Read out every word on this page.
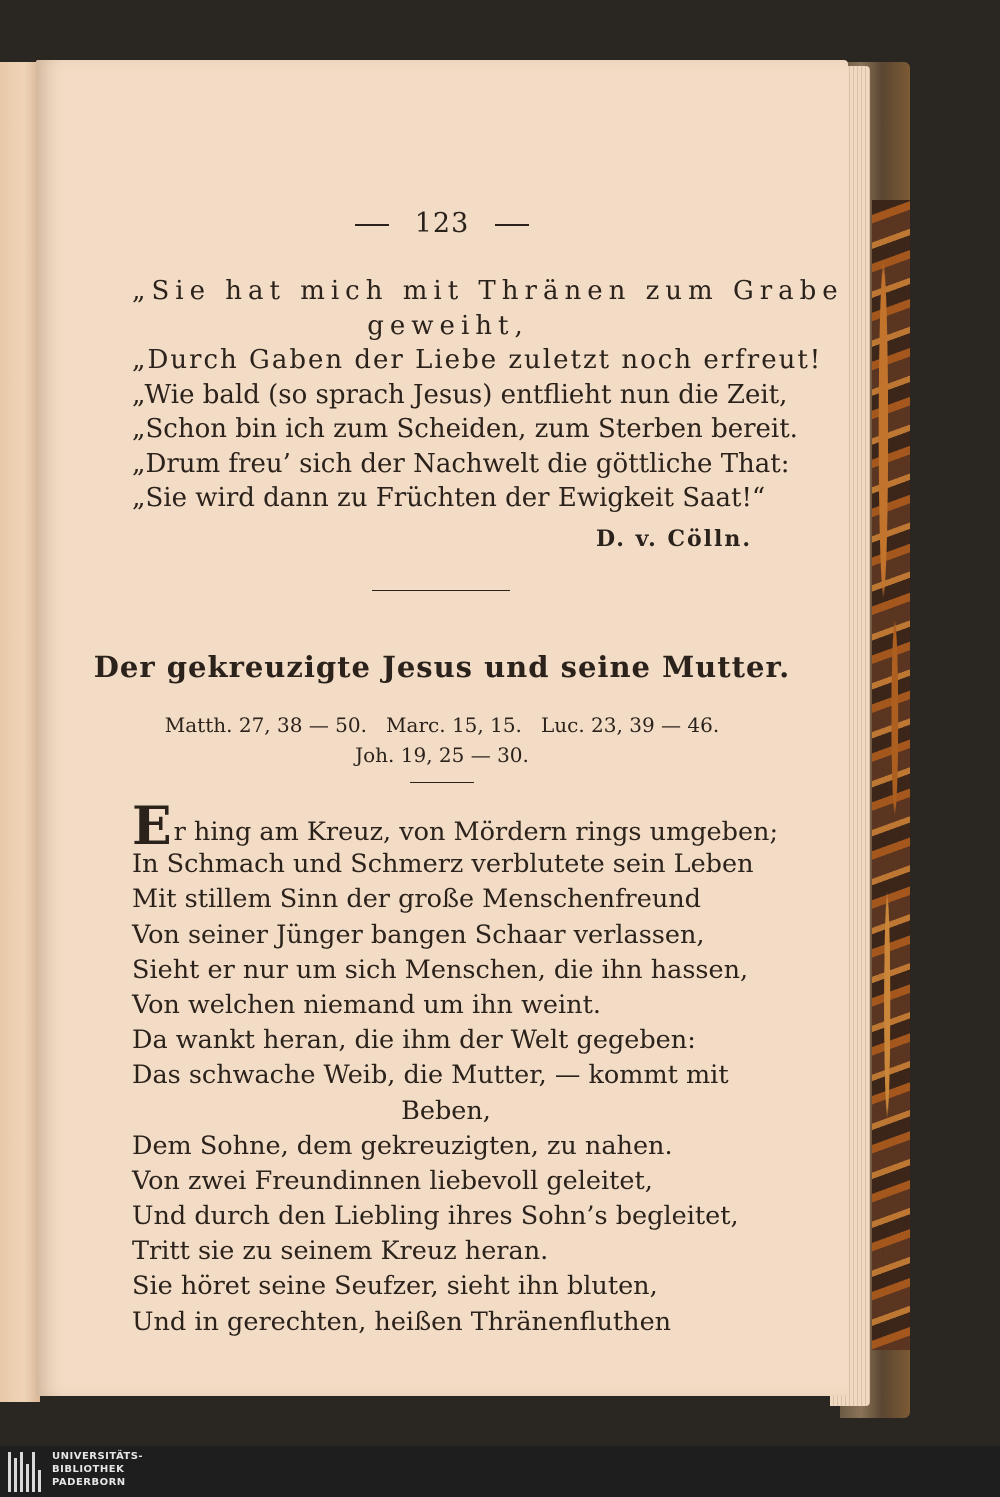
123
„Sie hat mich mit Thränen zum Grabe
geweiht,
„Durch Gaben der Liebe zuletzt noch erfreut!
„Wie bald (so sprach Jesus) entflieht nun die Zeit,
„Schon bin ich zum Scheiden, zum Sterben bereit.
„Drum freu’ sich der Nachwelt die göttliche That:
„Sie wird dann zu Früchten der Ewigkeit Saat!“
D. v. Cölln.
Der gekreuzigte Jesus und seine Mutter.
Matth. 27, 38 — 50.   Marc. 15, 15.   Luc. 23, 39 — 46.
Joh. 19, 25 — 30.
Er hing am Kreuz, von Mördern rings umgeben;
In Schmach und Schmerz verblutete sein Leben
Mit stillem Sinn der große Menschenfreund
Von seiner Jünger bangen Schaar verlassen,
Sieht er nur um sich Menschen, die ihn hassen,
Von welchen niemand um ihn weint.
Da wankt heran, die ihm der Welt gegeben:
Das schwache Weib, die Mutter, — kommt mit
Beben,
Dem Sohne, dem gekreuzigten, zu nahen.
Von zwei Freundinnen liebevoll geleitet,
Und durch den Liebling ihres Sohn’s begleitet,
Tritt sie zu seinem Kreuz heran.
Sie höret seine Seufzer, sieht ihn bluten,
Und in gerechten, heißen Thränenfluthen
UNIVERSITÄTS-
BIBLIOTHEK
PADERBORN
